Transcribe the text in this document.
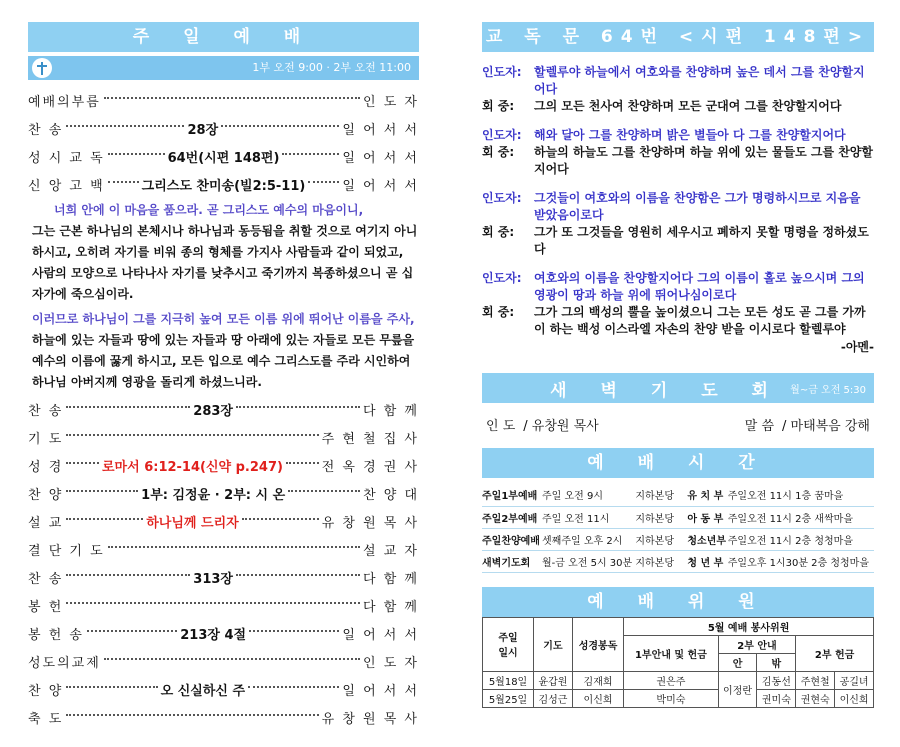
주 일 예 배
1부 오전 9:00 · 2부 오전 11:00
예배의부름	인 도 자
찬 송	28장	일 어 서 서
성 시 교 독	64번(시편 148편)	일 어 서 서
신 앙 고 백	그리스도 찬미송(빌2:5-11)	일 어 서 서
너희 안에 이 마음을 품으라. 곧 그리스도 예수의 마음이니,
그는 근본 하나님의 본체시나 하나님과 동등됨을 취할 것으로 여기지 아니하시고, 오히려 자기를 비워 종의 형체를 가지사 사람들과 같이 되었고, 사람의 모양으로 나타나사 자기를 낮추시고 죽기까지 복종하셨으니 곧 십자가에 죽으심이라.
이러므로 하나님이 그를 지극히 높여 모든 이름 위에 뛰어난 이름을 주사,
하늘에 있는 자들과 땅에 있는 자들과 땅 아래에 있는 자들로 모든 무릎을 예수의 이름에 꿇게 하시고, 모든 입으로 예수 그리스도를 주라 시인하여 하나님 아버지께 영광을 돌리게 하셨느니라.
찬 송	283장	다 함 께
기 도	주 현 철 집 사
성 경	로마서 6:12-14(신약 p.247)	전 옥 경 권 사
찬 양	1부: 김정윤 · 2부: 시 온	찬 양 대
설 교	하나님께 드리자	유 창 원 목 사
결 단 기 도	설 교 자
찬 송	313장	다 함 께
봉 헌	다 함 께
봉 헌 송	213장 4절	일 어 서 서
성도의교제	인 도 자
찬 양	오 신실하신 주	일 어 서 서
축 도	유 창 원 목 사
교 독 문 64번 <시편 148편>
인도자:	할렐루야 하늘에서 여호와를 찬양하며 높은 데서 그를 찬양할지어다
회 중:	그의 모든 천사여 찬양하며 모든 군대여 그를 찬양할지어다
인도자:	해와 달아 그를 찬양하며 밝은 별들아 다 그를 찬양할지어다
회 중:	하늘의 하늘도 그를 찬양하며 하늘 위에 있는 물들도 그를 찬양할지어다
인도자:	그것들이 여호와의 이름을 찬양함은 그가 명령하시므로 지음을 받았음이로다
회 중:	그가 또 그것들을 영원히 세우시고 폐하지 못할 명령을 정하셨도다
인도자:	여호와의 이름을 찬양할지어다 그의 이름이 홀로 높으시며 그의 영광이 땅과 하늘 위에 뛰어나심이로다
회 중:	그가 그의 백성의 뿔을 높이셨으니 그는 모든 성도 곧 그를 가까이 하는 백성 이스라엘 자손의 찬양 받을 이시로다 할렐루야
-아멘-
새 벽 기 도 회 월~금 오전 5:30
인 도 / 유창원 목사	말 씀 / 마태복음 강해
예 배 시 간
주일1부예배	주일 오전 9시	지하본당	유 치 부	주일오전 11시 1층 꿈마을
주일2부예배	주일 오전 11시	지하본당	아 동 부	주일오전 11시 2층 새싹마을
주일찬양예배	셋째주일 오후 2시	지하본당	청소년부	주일오전 11시 2층 청청마을
새벽기도회	월-금 오전 5시 30분	지하본당	청 년 부	주일오후 1시30분 2층 청청마을
예 배 위 원
주일
일시	기도	성경봉독	5월 예배 봉사위원				
			1부안내 및 헌금	2부 안내		2부 헌금	
				안	밖		
5월18일	윤갑원	김재희	권은주	이정란	김동선	주현철	공길녀
5월25일	김성근	이신희	박미숙		권미숙	권현숙	이신희
